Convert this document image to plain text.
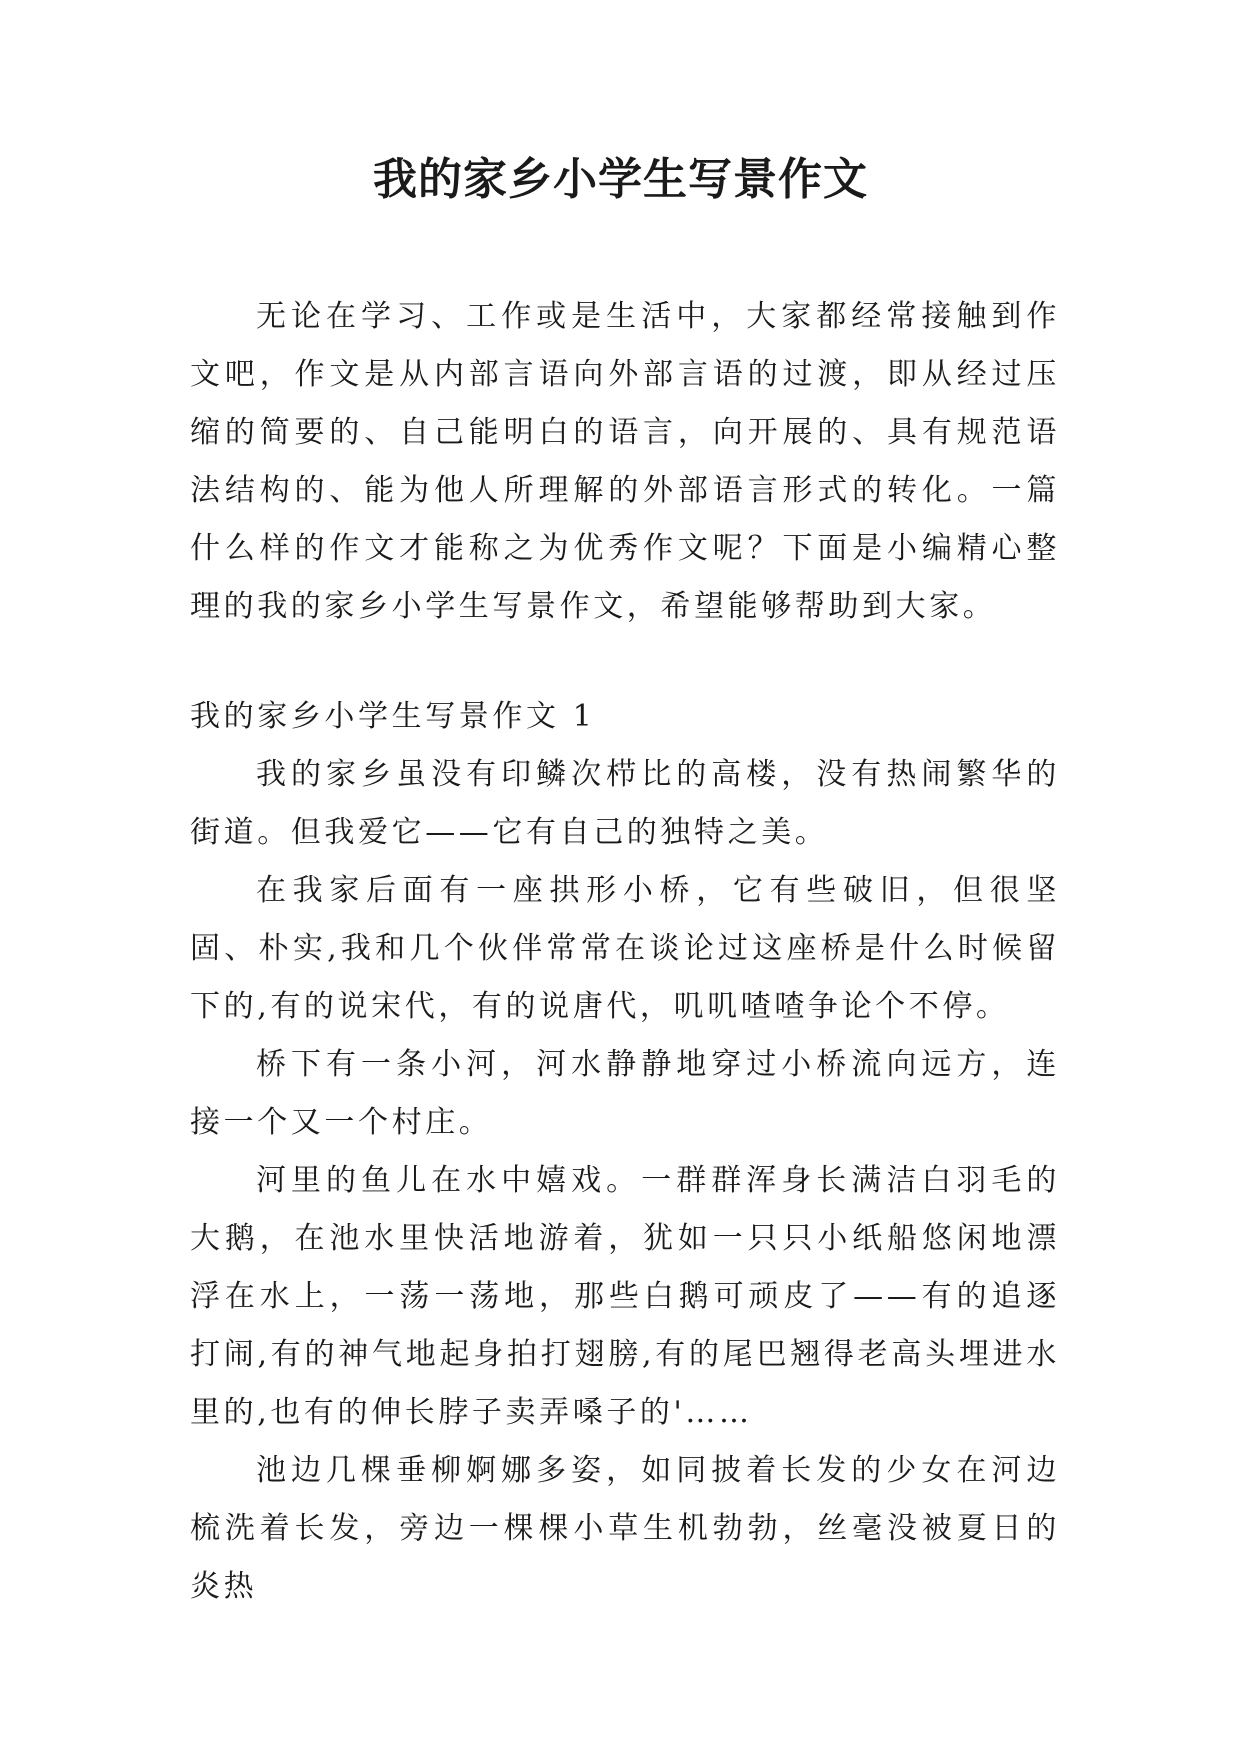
我的家乡小学生写景作文

无论在学习、工作或是生活中，大家都经常接触到作文吧，作文是从内部言语向外部言语的过渡，即从经过压缩的简要的、自己能明白的语言，向开展的、具有规范语法结构的、能为他人所理解的外部语言形式的转化。一篇什么样的作文才能称之为优秀作文呢？下面是小编精心整理的我的家乡小学生写景作文，希望能够帮助到大家。

我的家乡小学生写景作文 1

我的家乡虽没有印鳞次栉比的高楼，没有热闹繁华的街道。但我爱它——它有自己的独特之美。

在我家后面有一座拱形小桥，它有些破旧，但很坚固、朴实,我和几个伙伴常常在谈论过这座桥是什么时候留下的,有的说宋代，有的说唐代，叽叽喳喳争论个不停。

桥下有一条小河，河水静静地穿过小桥流向远方，连接一个又一个村庄。

河里的鱼儿在水中嬉戏。一群群浑身长满洁白羽毛的大鹅，在池水里快活地游着，犹如一只只小纸船悠闲地漂浮在水上，一荡一荡地，那些白鹅可顽皮了——有的追逐打闹,有的神气地起身拍打翅膀,有的尾巴翘得老高头埋进水里的,也有的伸长脖子卖弄嗓子的'……

池边几棵垂柳婀娜多姿，如同披着长发的少女在河边梳洗着长发，旁边一棵棵小草生机勃勃，丝毫没被夏日的炎热
